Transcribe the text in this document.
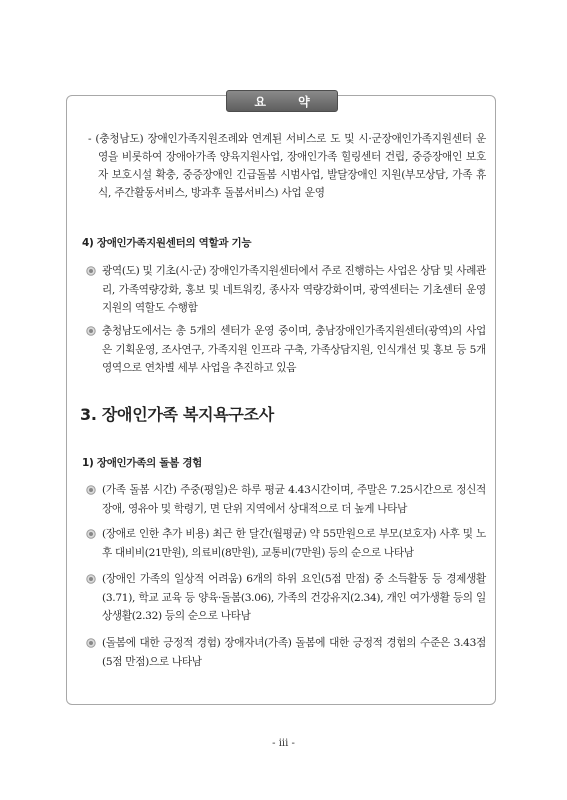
요 약

- (충청남도) 장애인가족지원조례와 연계된 서비스로 도 및 시·군장애인가족지원센터 운영을 비롯하여 장애아가족 양육지원사업, 장애인가족 힐링센터 건립, 중증장애인 보호자 보호시설 확충, 중증장애인 긴급돌봄 시범사업, 발달장애인 지원(부모상담, 가족 휴식, 주간활동서비스, 방과후 돌봄서비스) 사업 운영

4) 장애인가족지원센터의 역할과 기능

광역(도) 및 기초(시·군) 장애인가족지원센터에서 주로 진행하는 사업은 상담 및 사례관리, 가족역량강화, 홍보 및 네트워킹, 종사자 역량강화이며, 광역센터는 기초센터 운영 지원의 역할도 수행함

충청남도에서는 총 5개의 센터가 운영 중이며, 충남장애인가족지원센터(광역)의 사업은 기획운영, 조사연구, 가족지원 인프라 구축, 가족상담지원, 인식개선 및 홍보 등 5개 영역으로 연차별 세부 사업을 추진하고 있음

3. 장애인가족 복지욕구조사
1) 장애인가족의 돌봄 경험

(가족 돌봄 시간) 주중(평일)은 하루 평균 4.43시간이며, 주말은 7.25시간으로 정신적 장애, 영유아 및 학령기, 면 단위 지역에서 상대적으로 더 높게 나타남

(장애로 인한 추가 비용) 최근 한 달간(월평균) 약 55만원으로 부모(보호자) 사후 및 노후 대비비(21만원), 의료비(8만원), 교통비(7만원) 등의 순으로 나타남

(장애인 가족의 일상적 어려움) 6개의 하위 요인(5점 만점) 중 소득활동 등 경제생활(3.71), 학교 교육 등 양육·돌봄(3.06), 가족의 건강유지(2.34), 개인 여가생활 등의 일상생활(2.32) 등의 순으로 나타남

(돌봄에 대한 긍정적 경험) 장애자녀(가족) 돌봄에 대한 긍정적 경험의 수준은 3.43점(5점 만점)으로 나타남

- iii -
